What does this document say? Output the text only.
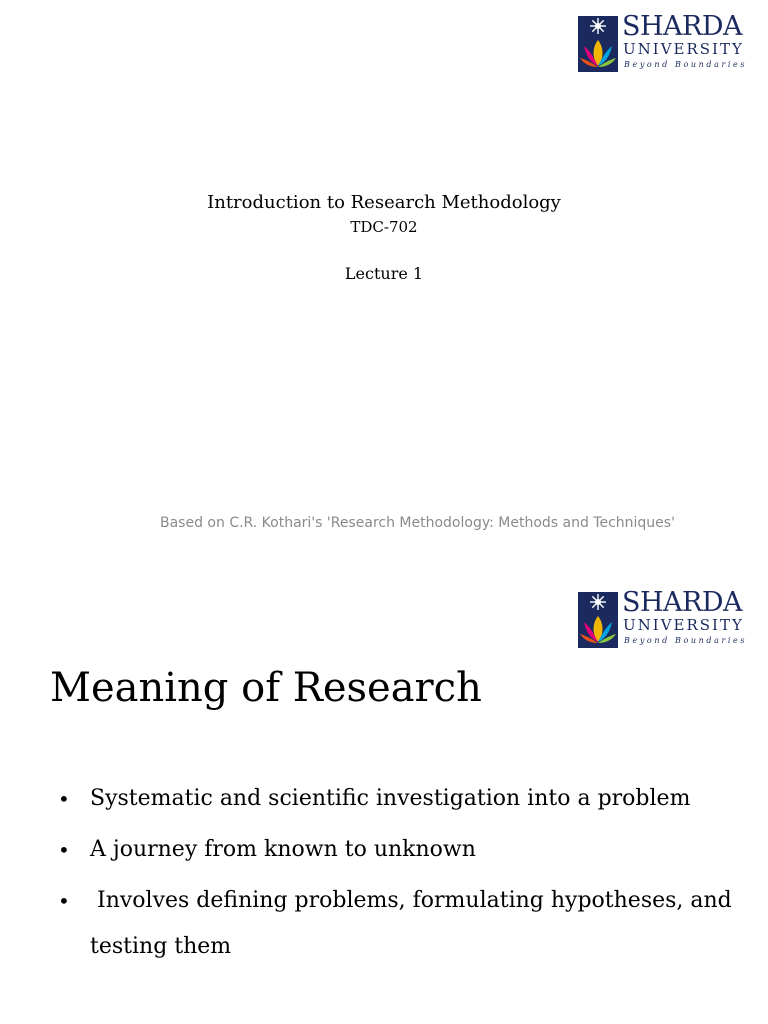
SHARDA
UNIVERSITY
Beyond Boundaries
Introduction to Research Methodology
TDC-702
Lecture 1
Based on C.R. Kothari's 'Research Methodology: Methods and Techniques'
SHARDA
UNIVERSITY
Beyond Boundaries
Meaning of Research
• Systematic and scientific investigation into a problem
• A journey from known to unknown
• Involves defining problems, formulating hypotheses, and testing them
